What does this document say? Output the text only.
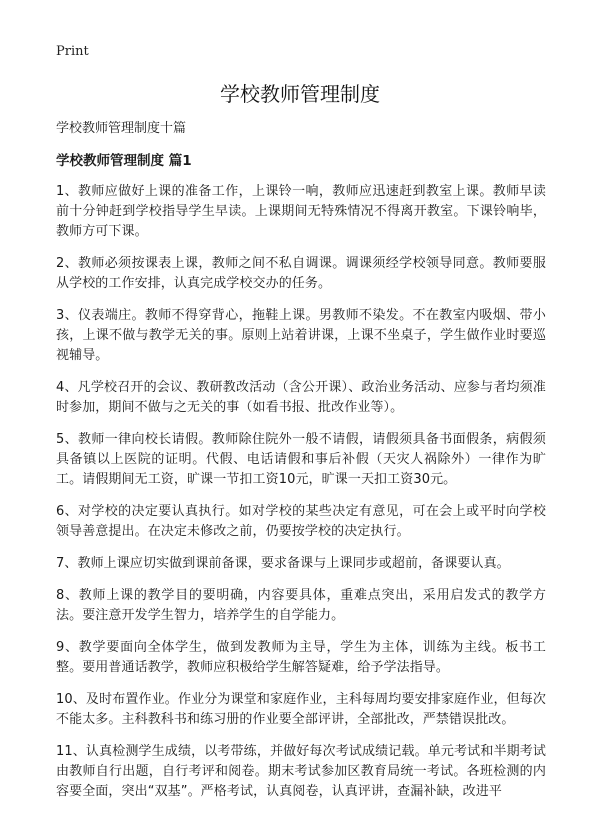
Print
学校教师管理制度

学校教师管理制度十篇

学校教师管理制度 篇1

1、教师应做好上课的准备工作，上课铃一响，教师应迅速赶到教室上课。教师早读前十分钟赶到学校指导学生早读。上课期间无特殊情况不得离开教室。下课铃响毕，教师方可下课。

2、教师必须按课表上课，教师之间不私自调课。调课须经学校领导同意。教师要服从学校的工作安排，认真完成学校交办的任务。

3、仪表端庄。教师不得穿背心，拖鞋上课。男教师不染发。不在教室内吸烟、带小孩，上课不做与教学无关的事。原则上站着讲课，上课不坐桌子，学生做作业时要巡视辅导。

4、凡学校召开的会议、教研教改活动（含公开课）、政治业务活动、应参与者均须准时参加，期间不做与之无关的事（如看书报、批改作业等）。

5、教师一律向校长请假。教师除住院外一般不请假，请假须具备书面假条，病假须具备镇以上医院的证明。代假、电话请假和事后补假（天灾人祸除外）一律作为旷工。请假期间无工资，旷课一节扣工资10元，旷课一天扣工资30元。

6、对学校的决定要认真执行。如对学校的某些决定有意见，可在会上或平时向学校领导善意提出。在决定未修改之前，仍要按学校的决定执行。

7、教师上课应切实做到课前备课，要求备课与上课同步或超前，备课要认真。

8、教师上课的教学目的要明确，内容要具体，重难点突出，采用启发式的教学方法。要注意开发学生智力，培养学生的自学能力。

9、教学要面向全体学生，做到发教师为主导，学生为主体，训练为主线。板书工整。要用普通话教学，教师应积极给学生解答疑难，给予学法指导。

10、及时布置作业。作业分为课堂和家庭作业，主科每周均要安排家庭作业，但每次不能太多。主科教科书和练习册的作业要全部评讲，全部批改，严禁错误批改。

11、认真检测学生成绩，以考带练，并做好每次考试成绩记载。单元考试和半期考试由教师自行出题，自行考评和阅卷。期末考试参加区教育局统一考试。各班检测的内容要全面，突出“双基”。严格考试，认真阅卷，认真评讲，查漏补缺，改进平
